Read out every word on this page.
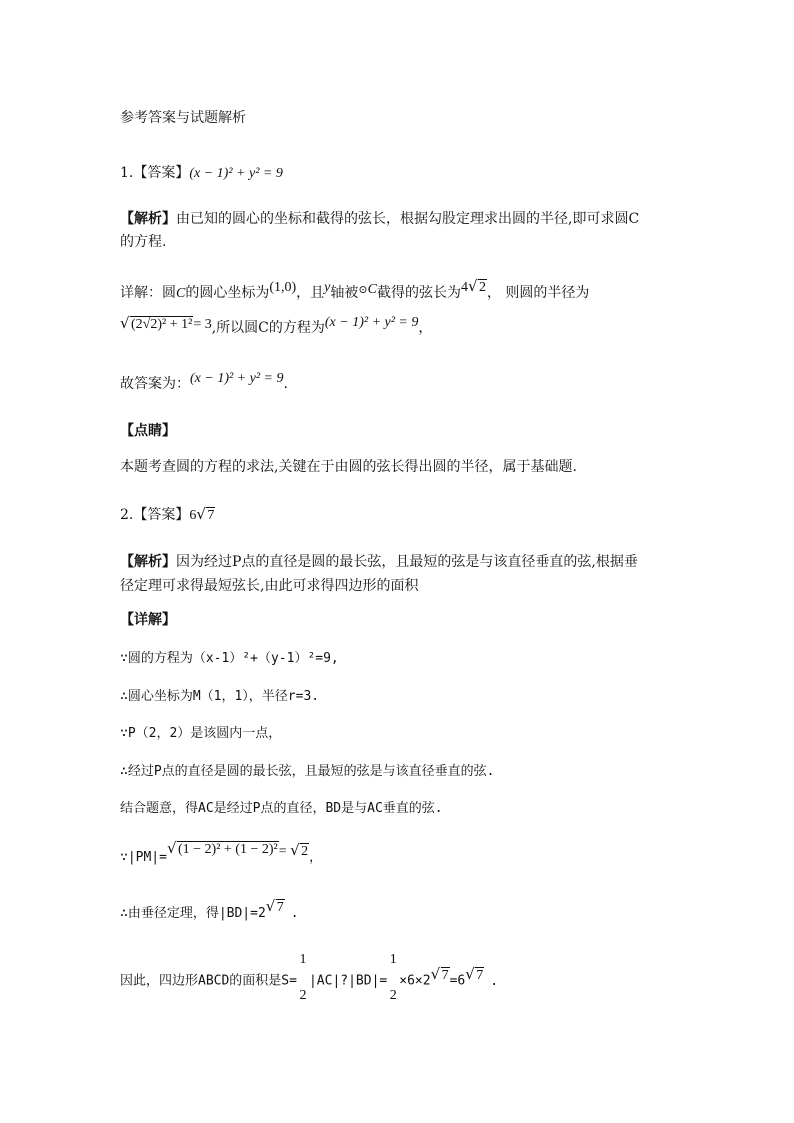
参考答案与试题解析
1.【答案】(x − 1)² + y² = 9
【解析】由已知的圆心的坐标和截得的弦长，根据勾股定理求出圆的半径,即可求圆C
的方程.
详解：圆C的圆心坐标为(1,0)，且y轴被⊙C截得的弦长为4 √ 2， 则圆的半径为
√ (2√2)² + 1²= 3,所以圆C的方程为(x − 1)² + y² = 9，
故答案为：(x − 1)² + y² = 9.
【点睛】
本题考查圆的方程的求法,关键在于由圆的弦长得出圆的半径，属于基础题.
2.【答案】6 √ 7
【解析】因为经过P点的直径是圆的最长弦，且最短的弦是与该直径垂直的弦,根据垂
径定理可求得最短弦长,由此可求得四边形的面积
【详解】
∵圆的方程为（x-1）²+（y-1）²=9,
∴圆心坐标为M（1，1），半径r=3.
∵P（2，2）是该圆内一点，
∴经过P点的直径是圆的最长弦，且最短的弦是与该直径垂直的弦.
结合题意，得AC是经过P点的直径，BD是与AC垂直的弦.
∵|PM|=√ (1 − 2)² + (1 − 2)²= √ 2，
∴由垂径定理，得|BD|=2 √ 7 .
因此，四边形ABCD的面积是S=
1
2
|AC|?|BD|=
1
2
×6×2 √ 7=6 √ 7 .
